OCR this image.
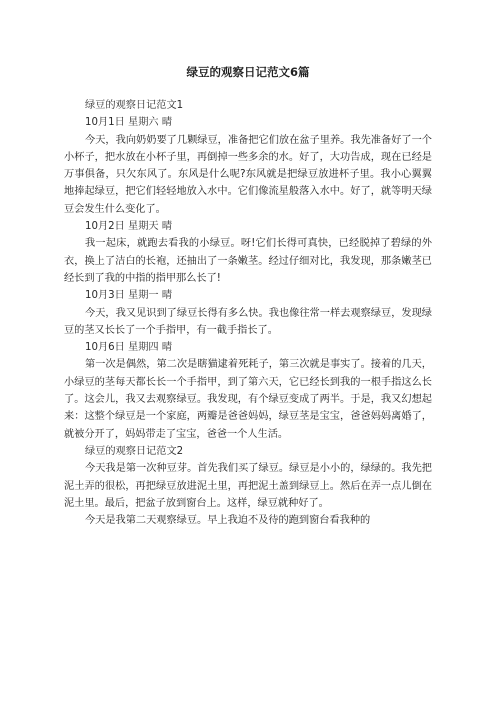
绿豆的观察日记范文6篇

绿豆的观察日记范文1

10月1日 星期六 晴

今天，我向奶奶要了几颗绿豆，准备把它们放在盆子里养。我先准备好了一个小杯子，把水放在小杯子里，再倒掉一些多余的水。好了，大功告成，现在已经是万事俱备，只欠东风了。东风是什么呢?东风就是把绿豆放进杯子里。我小心翼翼地捧起绿豆，把它们轻轻地放入水中。它们像流星般落入水中。好了，就等明天绿豆会发生什么变化了。

10月2日 星期天 晴

我一起床，就跑去看我的小绿豆。呀!它们长得可真快，已经脱掉了碧绿的外衣，换上了洁白的长袍，还抽出了一条嫩茎。经过仔细对比，我发现，那条嫩茎已经长到了我的中指的指甲那么长了!

10月3日 星期一 晴

今天，我又见识到了绿豆长得有多么快。我也像往常一样去观察绿豆，发现绿豆的茎又长长了一个手指甲，有一截手指长了。

10月6日 星期四 晴

第一次是偶然，第二次是瞎猫逮着死耗子，第三次就是事实了。接着的几天，小绿豆的茎每天都长长一个手指甲，到了第六天，它已经长到我的一根手指这么长了。这会儿，我又去观察绿豆。我发现，有个绿豆变成了两半。于是，我又幻想起来：这整个绿豆是一个家庭，两瓣是爸爸妈妈，绿豆茎是宝宝，爸爸妈妈离婚了，就被分开了，妈妈带走了宝宝，爸爸一个人生活。

绿豆的观察日记范文2

今天我是第一次种豆芽。首先我们买了绿豆。绿豆是小小的，绿绿的。我先把泥土弄的很松，再把绿豆放进泥土里，再把泥土盖到绿豆上。然后在弄一点儿倒在泥土里。最后，把盆子放到窗台上。这样，绿豆就种好了。

今天是我第二天观察绿豆。早上我迫不及待的跑到窗台看我种的
